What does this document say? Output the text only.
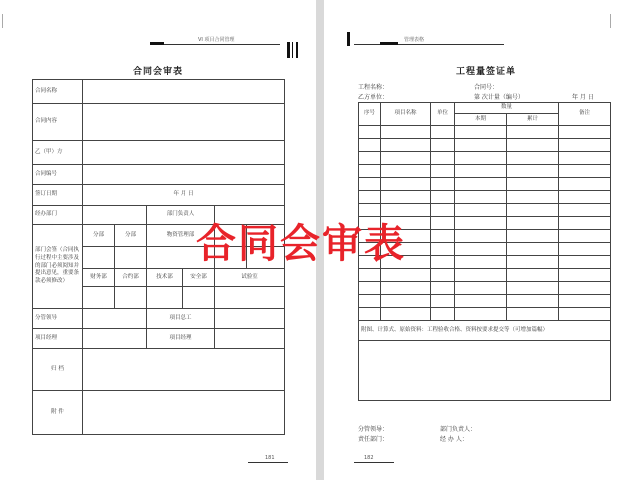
VI 项目合同管理
合同会审表
合同名称						
合同内容						
乙（甲）方						
合同编号						
签订日期	年 月 日					
经办部门			部门负责人			
部门会签（合同执行过程中主要涉及的部门必须阅知并提出意见，重要条款必须修改）	分部	分部	物资管理部			

	财务部	合约部	技术部	安全部	试验室	

分管领导			项目总工			
项目经理			项目经理			
归 档						
附 件						
181
管理表格
工程量签证单
工程名称：	合同号：
乙方单位：	第 次计量（编号）	年 月 日
序号	项目名称	单位	数量		备注
			本期	累计	

附图、计算式、原始资料：工程验收合格、资料按要求提交等（可增加篇幅）					

分管领导：	部门负责人：
责任部门：	经 办 人：
182
合同会审表
